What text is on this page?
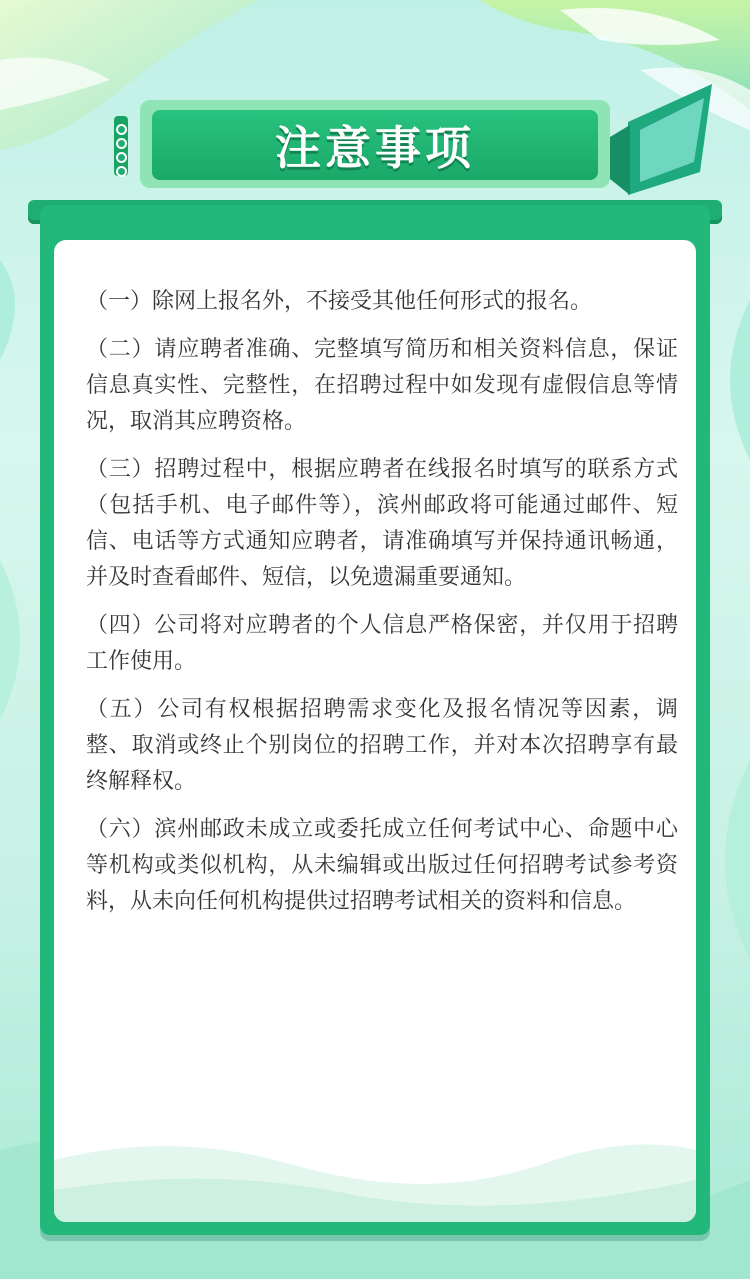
注意事项

（一）除网上报名外，不接受其他任何形式的报名。

（二）请应聘者准确、完整填写简历和相关资料信息，保证信息真实性、完整性，在招聘过程中如发现有虚假信息等情况，取消其应聘资格。

（三）招聘过程中，根据应聘者在线报名时填写的联系方式（包括手机、电子邮件等），滨州邮政将可能通过邮件、短信、电话等方式通知应聘者，请准确填写并保持通讯畅通，并及时查看邮件、短信，以免遗漏重要通知。

（四）公司将对应聘者的个人信息严格保密，并仅用于招聘工作使用。

（五）公司有权根据招聘需求变化及报名情况等因素，调整、取消或终止个别岗位的招聘工作，并对本次招聘享有最终解释权。

（六）滨州邮政未成立或委托成立任何考试中心、命题中心等机构或类似机构，从未编辑或出版过任何招聘考试参考资料，从未向任何机构提供过招聘考试相关的资料和信息。
